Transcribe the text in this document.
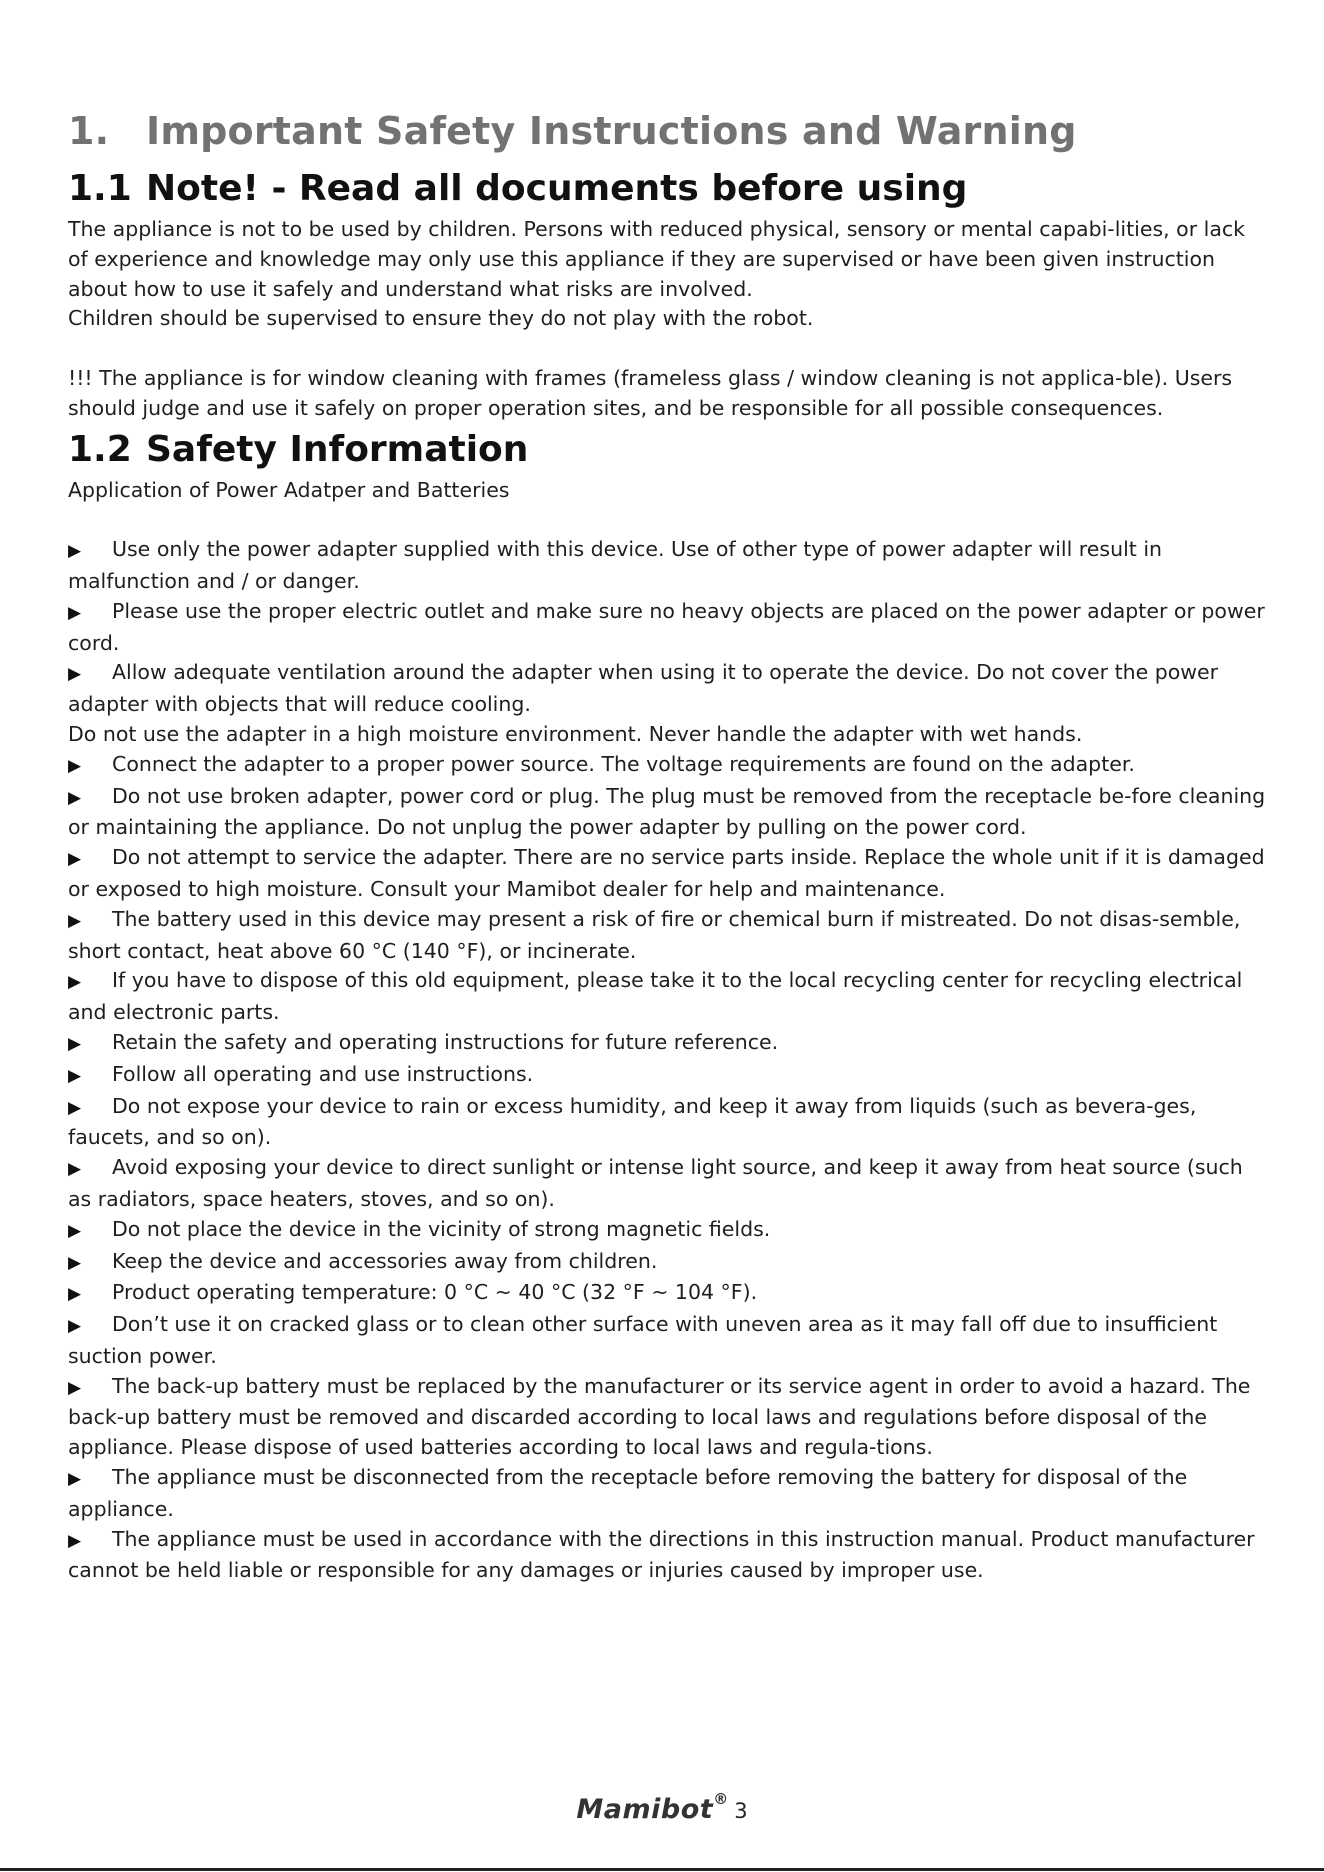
1. Important Safety Instructions and Warning
1.1 Note! - Read all documents before using

The appliance is not to be used by children. Persons with reduced physical, sensory or mental capabi-lities, or lack of experience and knowledge may only use this appliance if they are supervised or have been given instruction about how to use it safely and understand what risks are involved.

Children should be supervised to ensure they do not play with the robot.

!!! The appliance is for window cleaning with frames (frameless glass / window cleaning is not applica-ble). Users should judge and use it safely on proper operation sites, and be responsible for all possible consequences.

1.2 Safety Information

Application of Power Adatper and Batteries

▶ Use only the power adapter supplied with this device. Use of other type of power adapter will result in malfunction and / or danger.

▶ Please use the proper electric outlet and make sure no heavy objects are placed on the power adapter or power cord.

▶ Allow adequate ventilation around the adapter when using it to operate the device. Do not cover the power adapter with objects that will reduce cooling.

Do not use the adapter in a high moisture environment. Never handle the adapter with wet hands.

▶ Connect the adapter to a proper power source. The voltage requirements are found on the adapter.

▶ Do not use broken adapter, power cord or plug. The plug must be removed from the receptacle be-fore cleaning or maintaining the appliance. Do not unplug the power adapter by pulling on the power cord.

▶ Do not attempt to service the adapter. There are no service parts inside. Replace the whole unit if it is damaged or exposed to high moisture. Consult your Mamibot dealer for help and maintenance.

▶ The battery used in this device may present a risk of fire or chemical burn if mistreated. Do not disas-semble, short contact, heat above 60 °C (140 °F), or incinerate.

▶ If you have to dispose of this old equipment, please take it to the local recycling center for recycling electrical and electronic parts.

▶ Retain the safety and operating instructions for future reference.

▶ Follow all operating and use instructions.

▶ Do not expose your device to rain or excess humidity, and keep it away from liquids (such as bevera-ges, faucets, and so on).

▶ Avoid exposing your device to direct sunlight or intense light source, and keep it away from heat source (such as radiators, space heaters, stoves, and so on).

▶ Do not place the device in the vicinity of strong magnetic fields.

▶ Keep the device and accessories away from children.

▶ Product operating temperature: 0 °C ~ 40 °C (32 °F ~ 104 °F).

▶ Don’t use it on cracked glass or to clean other surface with uneven area as it may fall off due to insufficient suction power.

▶ The back-up battery must be replaced by the manufacturer or its service agent in order to avoid a hazard. The back-up battery must be removed and discarded according to local laws and regulations before disposal of the appliance. Please dispose of used batteries according to local laws and regula-tions.

▶ The appliance must be disconnected from the receptacle before removing the battery for disposal of the appliance.

▶ The appliance must be used in accordance with the directions in this instruction manual. Product manufacturer cannot be held liable or responsible for any damages or injuries caused by improper use.

Mamibot® 3
